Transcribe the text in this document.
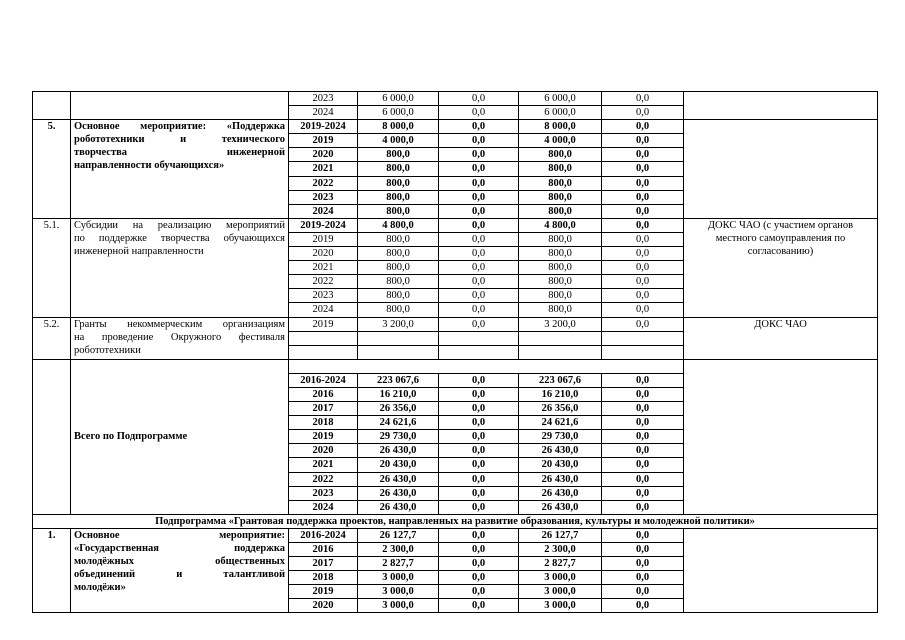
		2023	6 000,0	0,0	6 000,0	0,0	
		2024	6 000,0	0,0	6 000,0	0,0	
5.	Основное мероприятие: «Поддержка
робототехники и технического
творчества инженерной
направленности обучающихся»	2019-2024	8 000,0	0,0	8 000,0	0,0	
		2019	4 000,0	0,0	4 000,0	0,0	
		2020	800,0	0,0	800,0	0,0	
		2021	800,0	0,0	800,0	0,0	
		2022	800,0	0,0	800,0	0,0	
		2023	800,0	0,0	800,0	0,0	
		2024	800,0	0,0	800,0	0,0	
5.1.	Субсидии на реализацию мероприятий
по поддержке творчества обучающихся
инженерной направленности	2019-2024	4 800,0	0,0	4 800,0	0,0	ДОКС ЧАО (с участием органов местного самоуправления по согласованию)
		2019	800,0	0,0	800,0	0,0	
		2020	800,0	0,0	800,0	0,0	
		2021	800,0	0,0	800,0	0,0	
		2022	800,0	0,0	800,0	0,0	
		2023	800,0	0,0	800,0	0,0	
		2024	800,0	0,0	800,0	0,0	
5.2.	Гранты некоммерческим организациям
на проведение Окружного фестиваля
робототехники	2019	3 200,0	0,0	3 200,0	0,0	ДОКС ЧАО

	Всего по Подпрограмме						
		2016-2024	223 067,6	0,0	223 067,6	0,0	
		2016	16 210,0	0,0	16 210,0	0,0	
		2017	26 356,0	0,0	26 356,0	0,0	
		2018	24 621,6	0,0	24 621,6	0,0	
		2019	29 730,0	0,0	29 730,0	0,0	
		2020	26 430,0	0,0	26 430,0	0,0	
		2021	20 430,0	0,0	20 430,0	0,0	
		2022	26 430,0	0,0	26 430,0	0,0	
		2023	26 430,0	0,0	26 430,0	0,0	
		2024	26 430,0	0,0	26 430,0	0,0	
Подпрограмма «Грантовая поддержка проектов, направленных на развитие образования, культуры и молодежной политики»							
1.	Основное мероприятие:
«Государственная поддержка
молодёжных общественных
объединений и талантливой
молодёжи»	2016-2024	26 127,7	0,0	26 127,7	0,0	
		2016	2 300,0	0,0	2 300,0	0,0	
		2017	2 827,7	0,0	2 827,7	0,0	
		2018	3 000,0	0,0	3 000,0	0,0	
		2019	3 000,0	0,0	3 000,0	0,0	
		2020	3 000,0	0,0	3 000,0	0,0	
